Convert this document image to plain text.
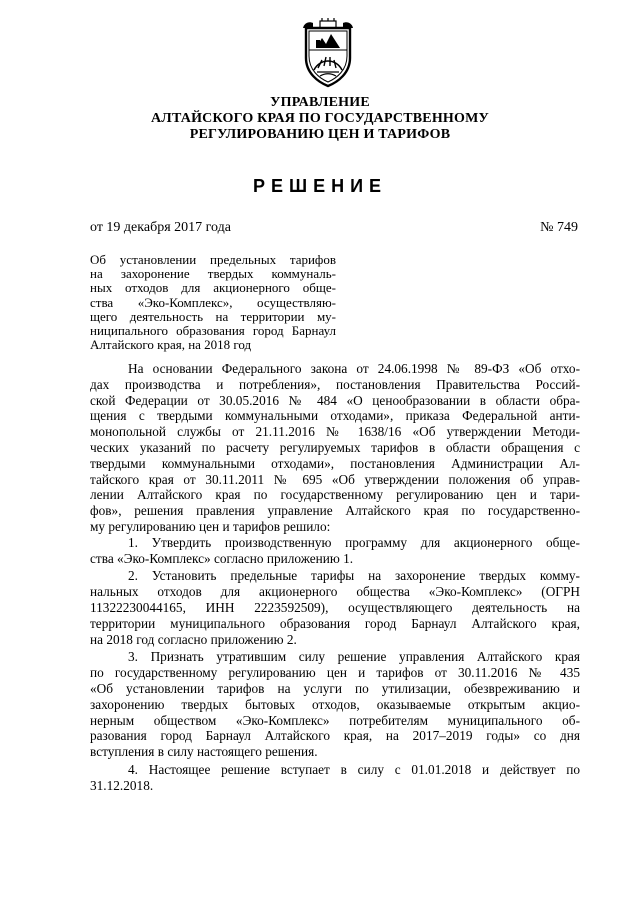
УПРАВЛЕНИЕ
АЛТАЙСКОГО КРАЯ ПО ГОСУДАРСТВЕННОМУ
РЕГУЛИРОВАНИЮ ЦЕН И ТАРИФОВ
РЕШЕНИЕ
от 19 декабря 2017 года	№ 749
Об установлении предельных тарифов
на захоронение твердых коммуналь-
ных отходов для акционерного обще-
ства «Эко-Комплекс», осуществляю-
щего деятельность на территории му-
ниципального образования город Барнаул
Алтайского края, на 2018 год
На основании Федерального закона от 24.06.1998 № 89-ФЗ «Об отхо-
дах производства и потребления», постановления Правительства Россий-
ской Федерации от 30.05.2016 № 484 «О ценообразовании в области обра-
щения с твердыми коммунальными отходами», приказа Федеральной анти-
монопольной службы от 21.11.2016 № 1638/16 «Об утверждении Методи-
ческих указаний по расчету регулируемых тарифов в области обращения с
твердыми коммунальными отходами», постановления Администрации Ал-
тайского края от 30.11.2011 № 695 «Об утверждении положения об управ-
лении Алтайского края по государственному регулированию цен и тари-
фов», решения правления управление Алтайского края по государственно-
му регулированию цен и тарифов решило:
1. Утвердить производственную программу для акционерного обще-
ства «Эко-Комплекс» согласно приложению 1.
2. Установить предельные тарифы на захоронение твердых комму-
нальных отходов для акционерного общества «Эко-Комплекс» (ОГРН
11322230044165, ИНН 2223592509), осуществляющего деятельность на
территории муниципального образования город Барнаул Алтайского края,
на 2018 год согласно приложению 2.
3. Признать утратившим силу решение управления Алтайского края
по государственному регулированию цен и тарифов от 30.11.2016 № 435
«Об установлении тарифов на услуги по утилизации, обезвреживанию и
захоронению твердых бытовых отходов, оказываемые открытым акцио-
нерным обществом «Эко-Комплекс» потребителям муниципального об-
разования город Барнаул Алтайского края, на 2017–2019 годы» со дня
вступления в силу настоящего решения.
4. Настоящее решение вступает в силу с 01.01.2018 и действует по
31.12.2018.
